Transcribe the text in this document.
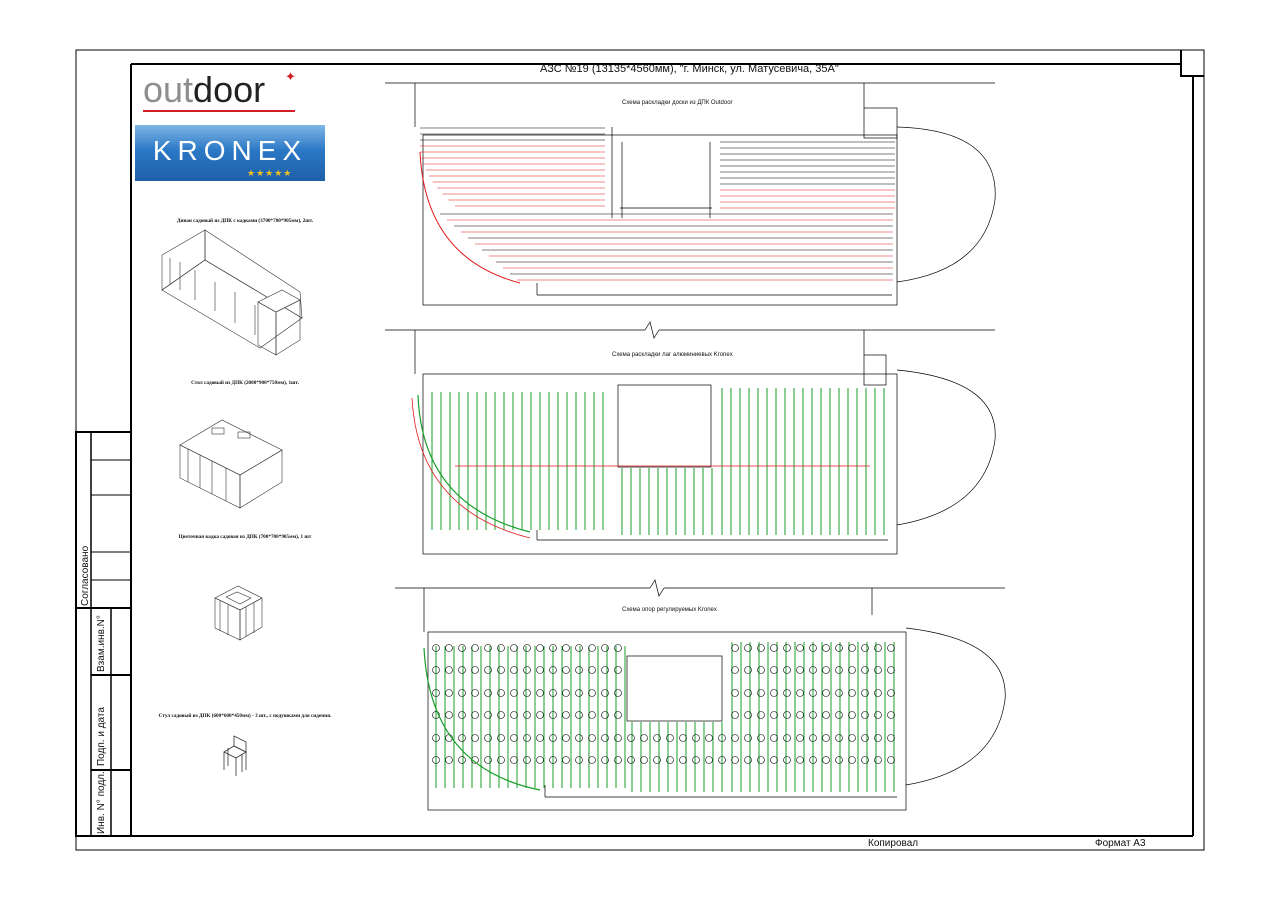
АЗС №19 (13135*4560мм), "г. Минск, ул. Матусевича, 35А"
outdoor ✦
KRONEX
★★★★★
Диван садовый из ДПК с кадками (3700*700*905мм), 2шт.
Стол садовый из ДПК (2000*900*750мм), 1шт.
Цветочная кадка садовая из ДПК (700*700*905мм), 1 шт
Стул садовый из ДПК (600*600*450мм) - 3 шт., с подушками для сидения.
Схема раскладки доски из ДПК Outdoor
Схема раскладки лаг алюминиевых Kronex
Схема опор регулируемых Kronex
Согласовано
Взам.инв.N°
Подп. и дата
Инв. N° подл.
Копировал	Формат А3
